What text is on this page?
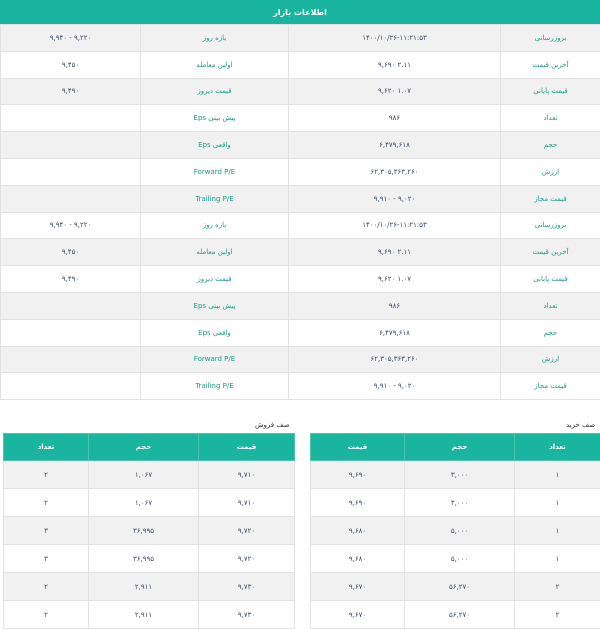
اطلاعات بازار
۹,۹۴۰ - ۹,۲۲۰	بازه روز	۱۴۰۰/۱۰/۲۶-۱۱:۲۱:۵۳	بروزرسانی
۹,۴۵۰	اولین معامله	۹,۶۹۰ ۲.۱۱	آخرین قیمت
۹,۴۹۰	قیمت دیروز	۹,۶۲۰ ۱.۰۷	قیمت پایانی
	Eps پیش بینی	۹۸۶	تعداد
	Eps واقعی	۶,۴۷۹,۶۱۸	حجم
	Forward P/E	۶۲,۳۰۵,۳۶۳,۲۶۰	ارزش
	Trailing P/E	۹,۹۱۰ - ۹,۰۲۰	قیمت مجاز
۹,۹۴۰ - ۹,۲۲۰	بازه روز	۱۴۰۰/۱۰/۲۶-۱۱:۲۱:۵۳	بروزرسانی
۹,۴۵۰	اولین معامله	۹,۶۹۰ ۲.۱۱	آخرین قیمت
۹,۴۹۰	قیمت دیروز	۹,۶۲۰ ۱.۰۷	قیمت پایانی
	Eps پیش بینی	۹۸۶	تعداد
	Eps واقعی	۶,۴۷۹,۶۱۸	حجم
	Forward P/E	۶۲,۳۰۵,۳۶۳,۲۶۰	ارزش
	Trailing P/E	۹,۹۱۰ - ۹,۰۲۰	قیمت مجاز
صف فروش
تعداد	حجم	قیمت
۲	۱,۰۶۷	۹,۷۱۰
۲	۱,۰۶۷	۹,۷۱۰
۳	۳۶,۹۹۵	۹,۷۲۰
۳	۳۶,۹۹۵	۹,۷۲۰
۲	۲,۹۱۱	۹,۷۳۰
۲	۲,۹۱۱	۹,۷۳۰
صف خرید
قیمت	حجم	تعداد
۹,۶۹۰	۳,۰۰۰	۱
۹,۶۹۰	۳,۰۰۰	۱
۹,۶۸۰	۵,۰۰۰	۱
۹,۶۸۰	۵,۰۰۰	۱
۹,۶۷۰	۵۶,۲۷۰	۲
۹,۶۷۰	۵۶,۲۷۰	۲
